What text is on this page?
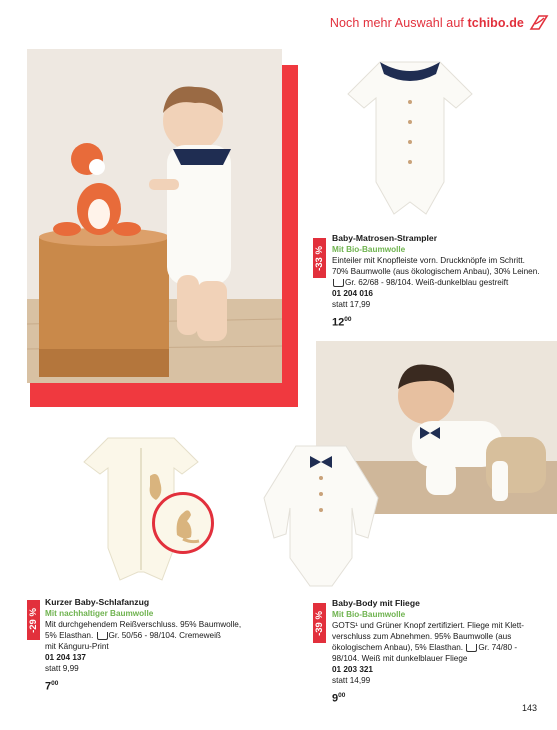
Noch mehr Auswahl auf tchibo.de
-33 %
Baby-Matrosen-Strampler
Mit Bio-Baumwolle
Einteiler mit Knopfleiste vorn. Druckknöpfe im Schritt.
70% Baumwolle (aus ökologischem Anbau), 30% Leinen.
Gr. 62/68 - 98/104. Weiß-dunkelblau gestreift
01 204 016
statt 17,99
$12^{00}$
-29 %
Kurzer Baby-Schlafanzug
Mit nachhaltiger Baumwolle
Mit durchgehendem Reißverschluss. 95% Baumwolle,
5% Elasthan. Gr. 50/56 - 98/104. Cremeweiß
mit Känguru-Print
01 204 137
statt 9,99
$7^{00}$
-39 %
Baby-Body mit Fliege
Mit Bio-Baumwolle
GOTS¹ und Grüner Knopf zertifiziert. Fliege mit Klett-
verschluss zum Abnehmen. 95% Baumwolle (aus
ökologischem Anbau), 5% Elasthan. Gr. 74/80 -
98/104. Weiß mit dunkelblauer Fliege
01 203 321
statt 14,99
$9^{00}$
143
